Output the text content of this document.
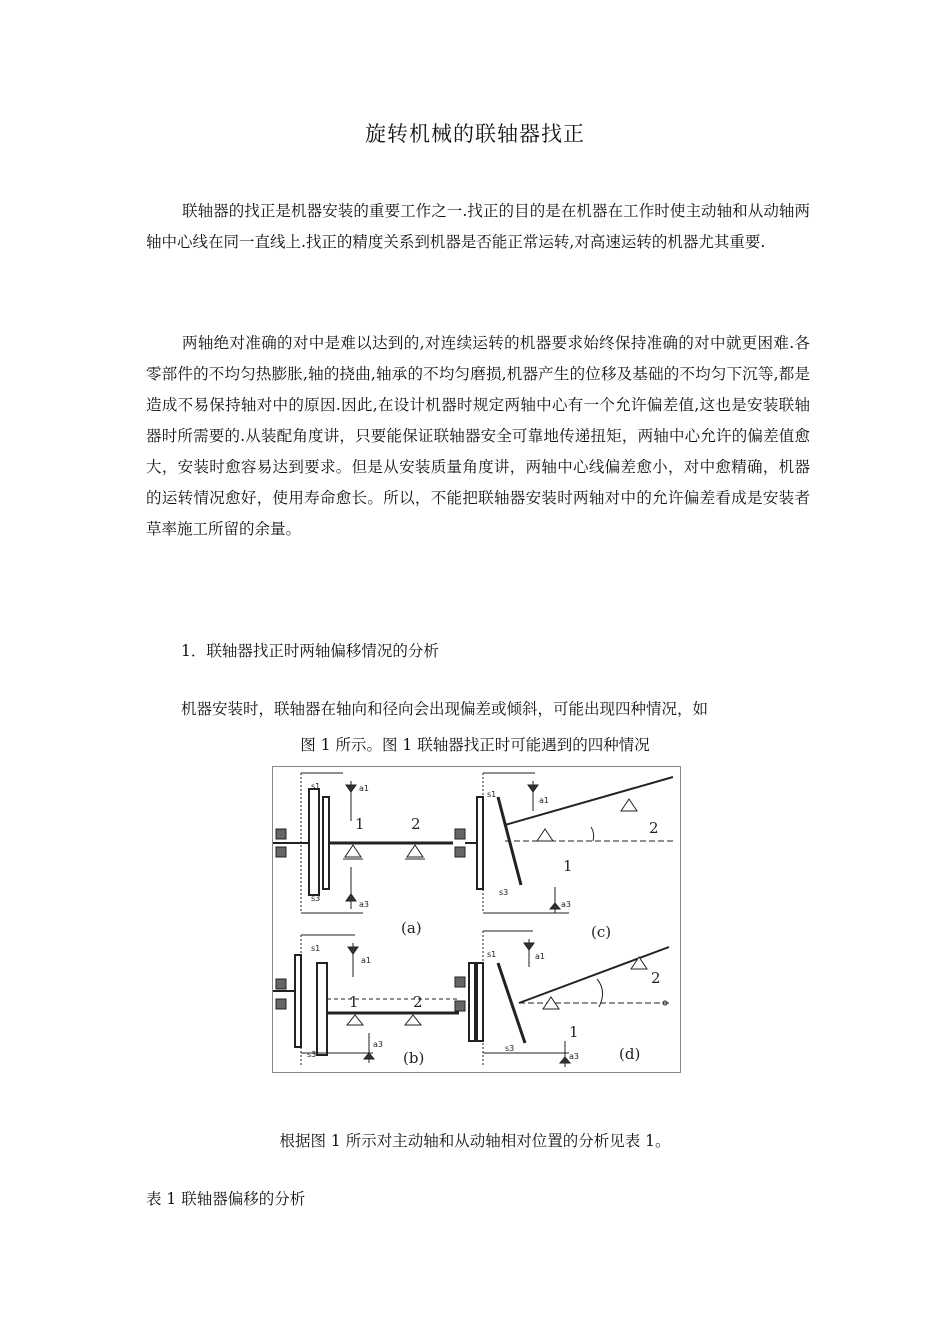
旋转机械的联轴器找正

联轴器的找正是机器安装的重要工作之一.找正的目的是在机器在工作时使主动轴和从动轴两轴中心线在同一直线上.找正的精度关系到机器是否能正常运转,对高速运转的机器尤其重要.

两轴绝对准确的对中是难以达到的,对连续运转的机器要求始终保持准确的对中就更困难.各零部件的不均匀热膨胀,轴的挠曲,轴承的不均匀磨损,机器产生的位移及基础的不均匀下沉等,都是造成不易保持轴对中的原因.因此,在设计机器时规定两轴中心有一个允许偏差值,这也是安装联轴器时所需要的.从装配角度讲，只要能保证联轴器安全可靠地传递扭矩，两轴中心允许的偏差值愈大，安装时愈容易达到要求。但是从安装质量角度讲，两轴中心线偏差愈小，对中愈精确，机器的运转情况愈好，使用寿命愈长。所以，不能把联轴器安装时两轴对中的允许偏差看成是安装者草率施工所留的余量。

1．联轴器找正时两轴偏移情况的分析
机器安装时，联轴器在轴向和径向会出现偏差或倾斜，可能出现四种情况，如
图 1 所示。图 1 联轴器找正时可能遇到的四种情况
s1	a1
s3
a3
s1
a1
s3
a3
s1
a1
s3
a3
s1	a1
s3
a3
1	2
1	2
1
2
1
2
(a)
(b)
(c)
(d)
根据图 1 所示对主动轴和从动轴相对位置的分析见表 1。
表 1 联轴器偏移的分析
